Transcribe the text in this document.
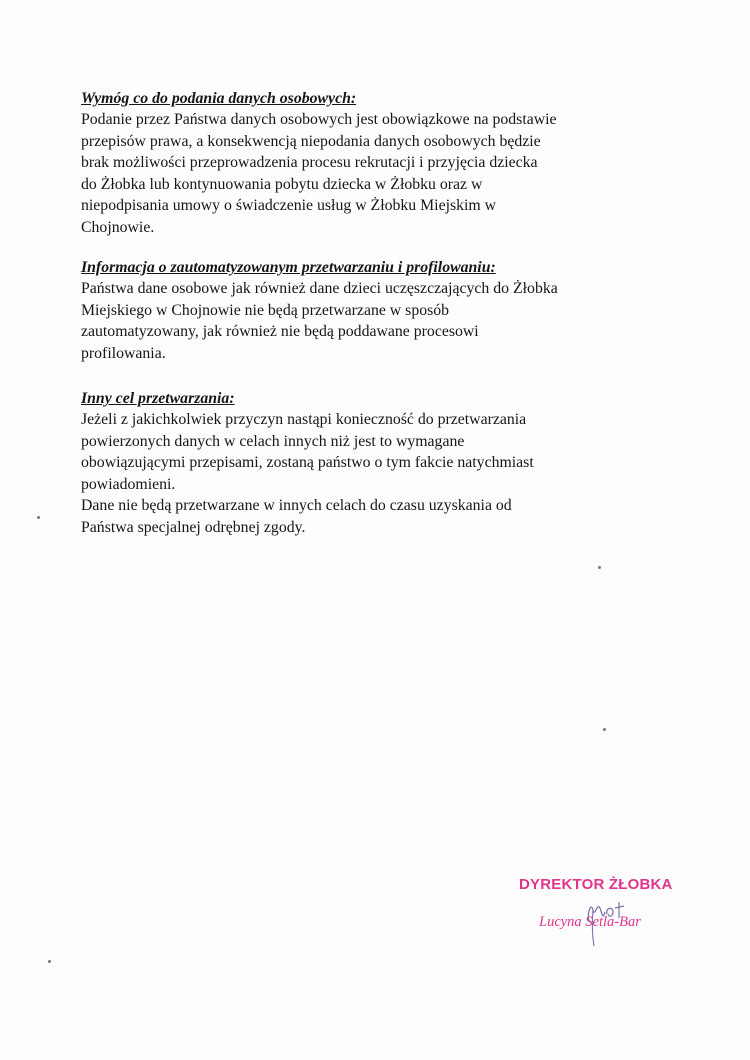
Wymóg co do podania danych osobowych:

Podanie przez Państwa danych osobowych jest obowiązkowe na podstawie

przepisów prawa, a konsekwencją niepodania danych osobowych będzie

brak możliwości przeprowadzenia procesu rekrutacji i przyjęcia dziecka

do Żłobka lub kontynuowania pobytu dziecka w Żłobku oraz w

niepodpisania umowy o świadczenie usług w Żłobku Miejskim w

Chojnowie.

Informacja o zautomatyzowanym przetwarzaniu i profilowaniu:

Państwa dane osobowe jak również dane dzieci uczęszczających do Żłobka

Miejskiego w Chojnowie nie będą przetwarzane w sposób

zautomatyzowany, jak również nie będą poddawane procesowi

profilowania.

Inny cel przetwarzania:

Jeżeli z jakichkolwiek przyczyn nastąpi konieczność do przetwarzania

powierzonych danych w celach innych niż jest to wymagane

obowiązującymi przepisami, zostaną państwo o tym fakcie natychmiast

powiadomieni.

Dane nie będą przetwarzane w innych celach do czasu uzyskania od

Państwa specjalnej odrębnej zgody.

DYREKTOR ŻŁOBKA
Lucyna Setla-Bar
